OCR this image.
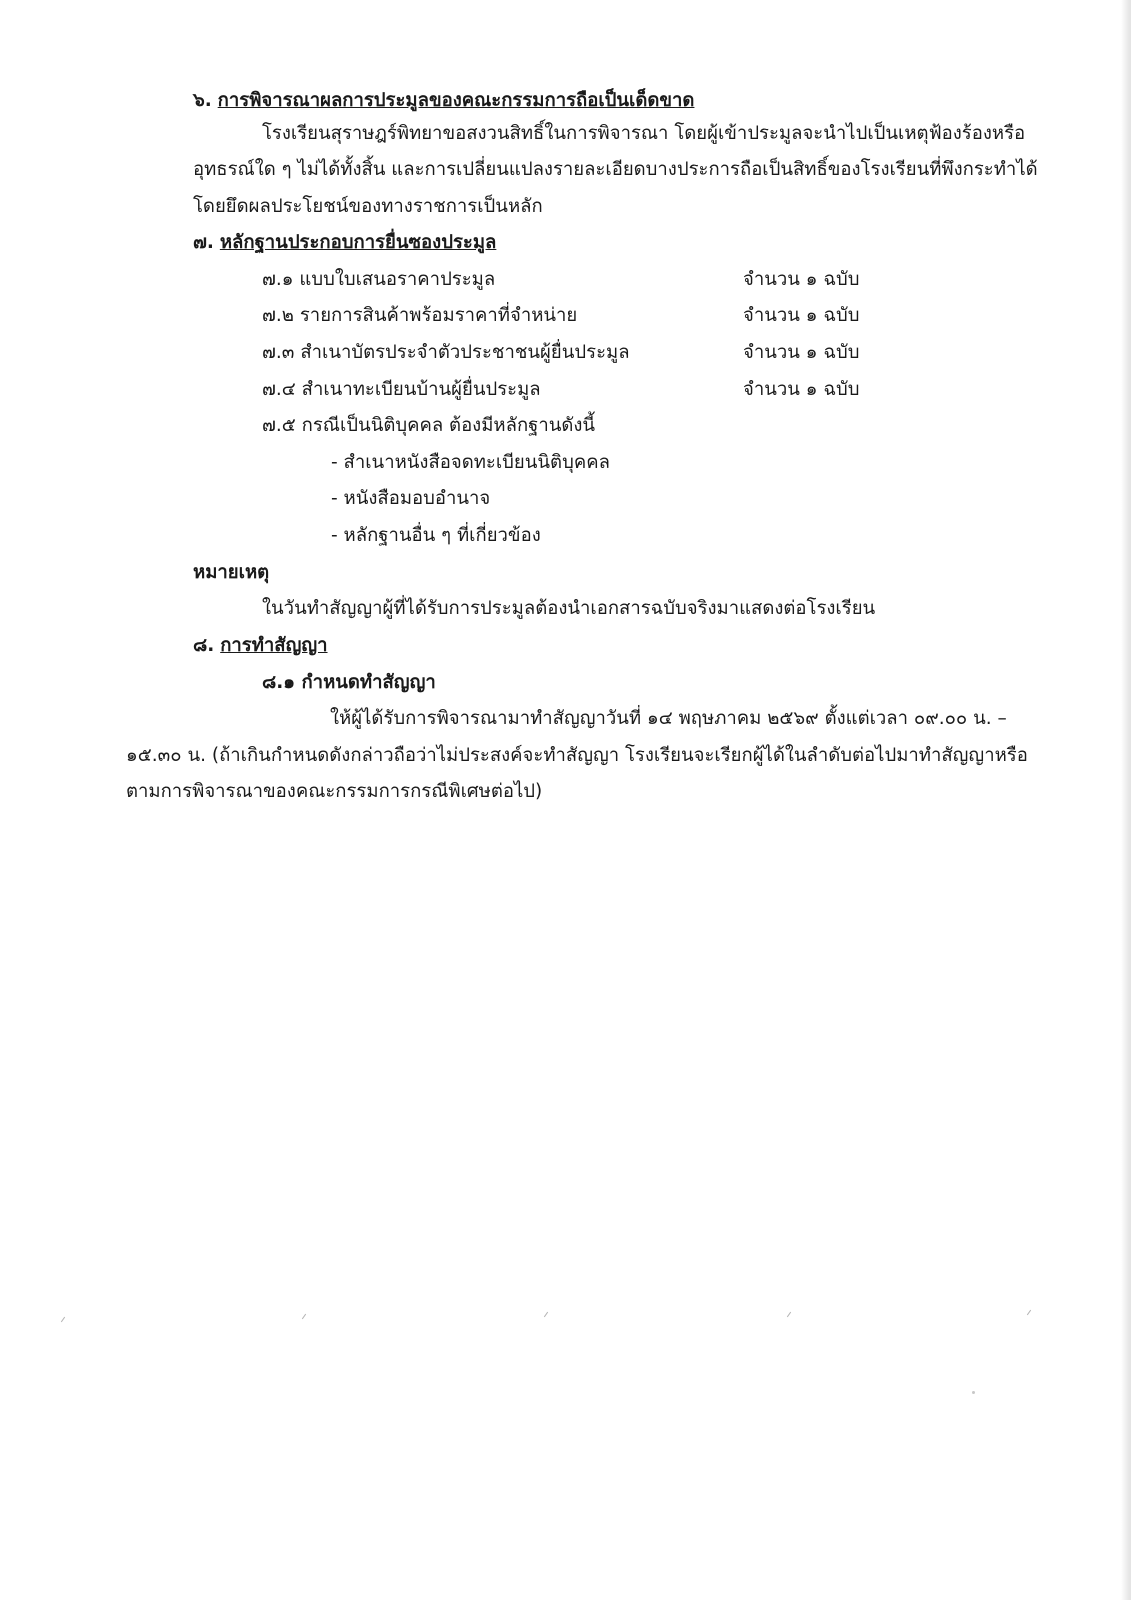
๖. การพิจารณาผลการประมูลของคณะกรรมการถือเป็นเด็ดขาด
โรงเรียนสุราษฎร์พิทยาขอสงวนสิทธิ์ในการพิจารณา โดยผู้เข้าประมูลจะนำไปเป็นเหตุฟ้องร้องหรือ
อุทธรณ์ใด ๆ ไม่ได้ทั้งสิ้น และการเปลี่ยนแปลงรายละเอียดบางประการถือเป็นสิทธิ์ของโรงเรียนที่พึงกระทำได้
โดยยึดผลประโยชน์ของทางราชการเป็นหลัก
๗. หลักฐานประกอบการยื่นซองประมูล
๗.๑ แบบใบเสนอราคาประมูล	จำนวน ๑ ฉบับ
๗.๒ รายการสินค้าพร้อมราคาที่จำหน่าย	จำนวน ๑ ฉบับ
๗.๓ สำเนาบัตรประจำตัวประชาชนผู้ยื่นประมูล	จำนวน ๑ ฉบับ
๗.๔ สำเนาทะเบียนบ้านผู้ยื่นประมูล	จำนวน ๑ ฉบับ
๗.๕ กรณีเป็นนิติบุคคล ต้องมีหลักฐานดังนี้
- สำเนาหนังสือจดทะเบียนนิติบุคคล
- หนังสือมอบอำนาจ
- หลักฐานอื่น ๆ ที่เกี่ยวข้อง
หมายเหตุ
ในวันทำสัญญาผู้ที่ได้รับการประมูลต้องนำเอกสารฉบับจริงมาแสดงต่อโรงเรียน
๘. การทำสัญญา
๘.๑ กำหนดทำสัญญา
ให้ผู้ได้รับการพิจารณามาทำสัญญาวันที่ ๑๔ พฤษภาคม ๒๕๖๙ ตั้งแต่เวลา ๐๙.๐๐ น. –
๑๕.๓๐ น. (ถ้าเกินกำหนดดังกล่าวถือว่าไม่ประสงค์จะทำสัญญา โรงเรียนจะเรียกผู้ได้ในลำดับต่อไปมาทำสัญญาหรือ
ตามการพิจารณาของคณะกรรมการกรณีพิเศษต่อไป)
